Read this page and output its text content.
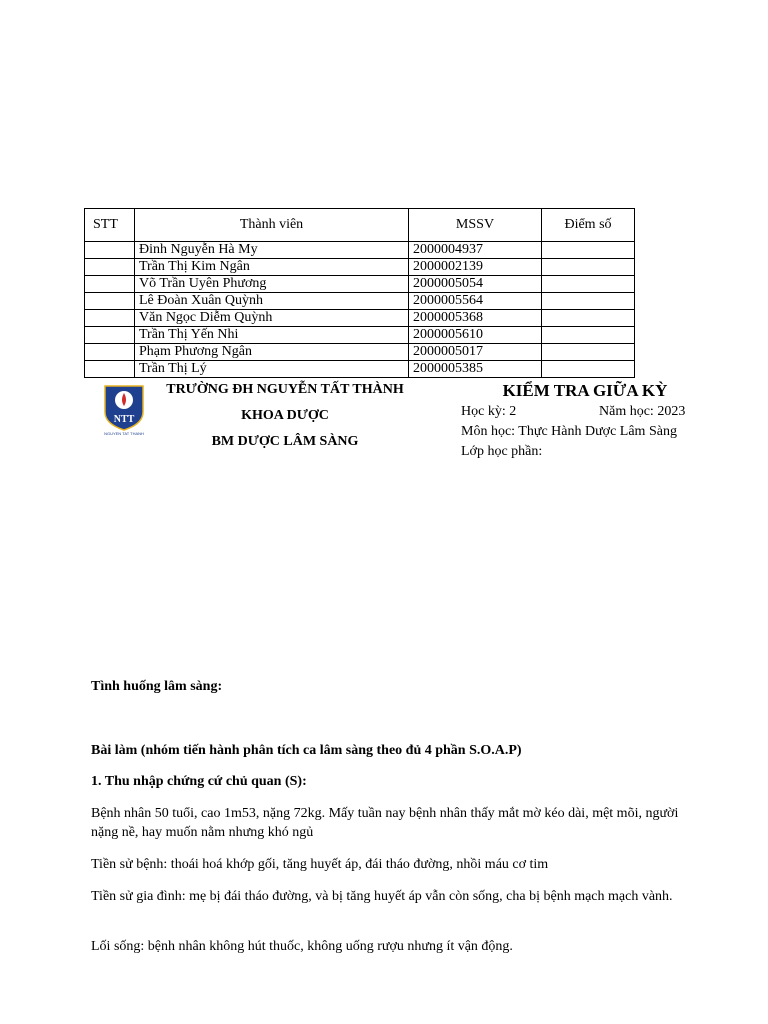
STT	Thành viên	MSSV	Điểm số
	Đinh Nguyễn Hà My	2000004937	
	Trần Thị Kim Ngân	2000002139	
	Võ Trần Uyên Phương	2000005054	
	Lê Đoàn Xuân Quỳnh	2000005564	
	Văn Ngọc Diễm Quỳnh	2000005368	
	Trần Thị Yến Nhi	2000005610	
	Phạm Phương Ngân	2000005017	
	Trần Thị Lý	2000005385	
NTT
NGUYEN TAT THANH
TRƯỜNG ĐH NGUYỄN TẤT THÀNH
KHOA DƯỢC
BM DƯỢC LÂM SÀNG
KIỂM TRA GIỮA KỲ
Học kỳ: 2	Năm học: 2023
Môn học: Thực Hành Dược Lâm Sàng
Lớp học phần:
Tình huống lâm sàng:
Bài làm (nhóm tiến hành phân tích ca lâm sàng theo đủ 4 phần S.O.A.P)
1. Thu nhập chứng cứ chủ quan (S):
Bệnh nhân 50 tuổi, cao 1m53, nặng 72kg. Mấy tuần nay bệnh nhân thấy mắt mờ kéo dài, mệt mõi, người nặng nề, hay muốn nằm nhưng khó ngủ
Tiền sử bệnh: thoái hoá khớp gối, tăng huyết áp, đái tháo đường, nhồi máu cơ tim
Tiền sử gia đình: mẹ bị đái tháo đường, và bị tăng huyết áp vẫn còn sống, cha bị bệnh mạch mạch vành.
Lối sống: bệnh nhân không hút thuốc, không uống rượu nhưng ít vận động.
